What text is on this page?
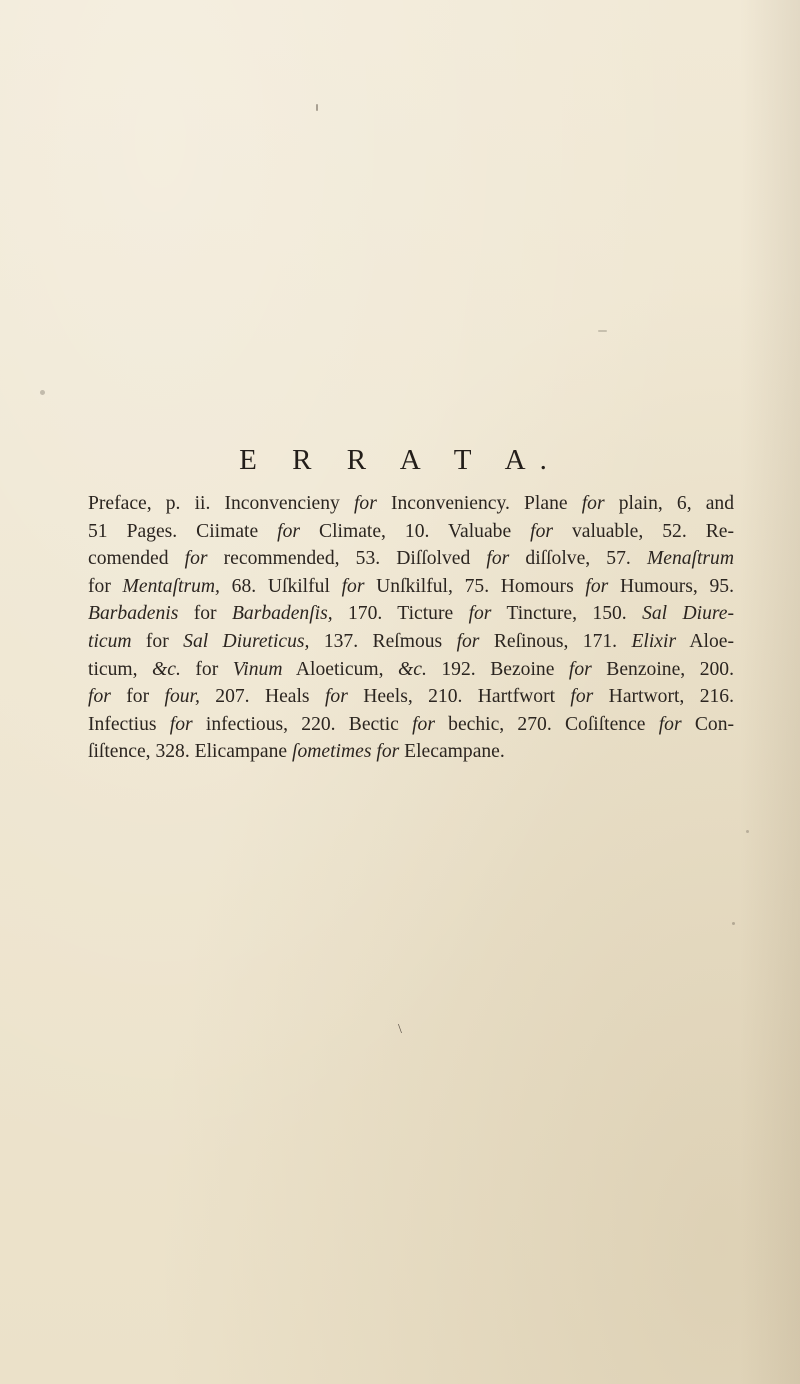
E R R A T A.
Preface, p. ii. Inconvencieny for Inconveniency. Plane for plain, 6, and
51 Pages. Ciimate for Climate, 10. Valuabe for valuable, 52. Re-
comended for recommended, 53. Diſſolved for diſſolve, 57. Menaſtrum
for Mentaſtrum, 68. Uſkilful for Unſkilful, 75. Homours for Humours, 95.
Barbadenis for Barbadenſis, 170. Tiсture for Tincture, 150. Sal Diure-
ticum for Sal Diureticus, 137. Reſmous for Reſinous, 171. Elixir Aloe-
ticum, &c. for Vinum Aloeticum, &c. 192. Bezoine for Benzoine, 200.
for for four, 207. Heals for Heels, 210. Hartfwort for Hartwort, 216.
Infectius for infectious, 220. Bectic for bechic, 270. Coſiſtence for Con-
ſiſtence, 328. Elicampane ſometimes for Elecampane.
\
